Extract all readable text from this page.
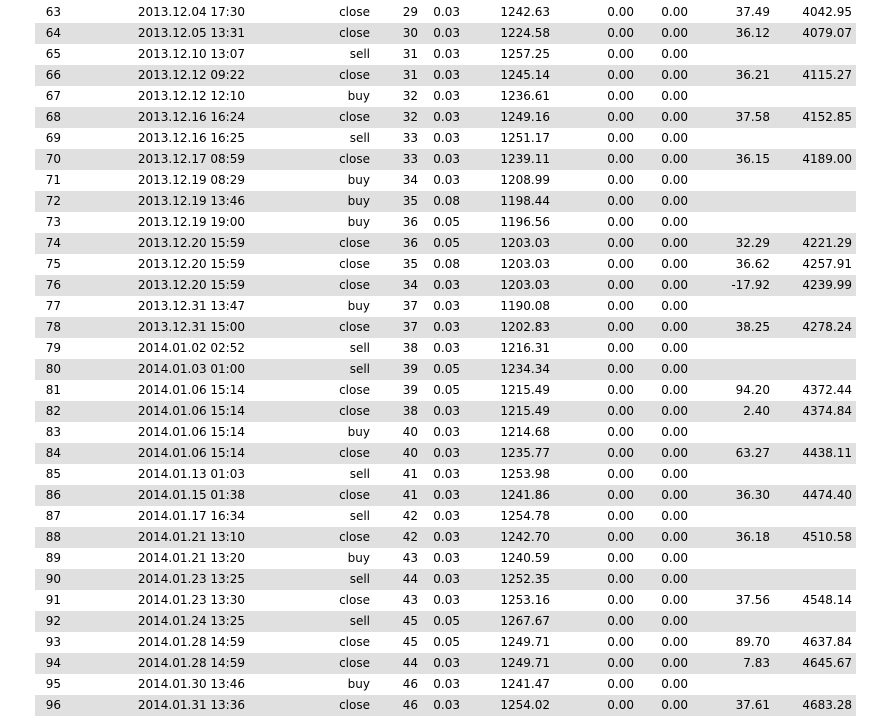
	63	2013.12.04 17:30	close	29	0.03	1242.63	0.00	0.00	37.49	4042.95
	64	2013.12.05 13:31	close	30	0.03	1224.58	0.00	0.00	36.12	4079.07
	65	2013.12.10 13:07	sell	31	0.03	1257.25	0.00	0.00		
	66	2013.12.12 09:22	close	31	0.03	1245.14	0.00	0.00	36.21	4115.27
	67	2013.12.12 12:10	buy	32	0.03	1236.61	0.00	0.00		
	68	2013.12.16 16:24	close	32	0.03	1249.16	0.00	0.00	37.58	4152.85
	69	2013.12.16 16:25	sell	33	0.03	1251.17	0.00	0.00		
	70	2013.12.17 08:59	close	33	0.03	1239.11	0.00	0.00	36.15	4189.00
	71	2013.12.19 08:29	buy	34	0.03	1208.99	0.00	0.00		
	72	2013.12.19 13:46	buy	35	0.08	1198.44	0.00	0.00		
	73	2013.12.19 19:00	buy	36	0.05	1196.56	0.00	0.00		
	74	2013.12.20 15:59	close	36	0.05	1203.03	0.00	0.00	32.29	4221.29
	75	2013.12.20 15:59	close	35	0.08	1203.03	0.00	0.00	36.62	4257.91
	76	2013.12.20 15:59	close	34	0.03	1203.03	0.00	0.00	-17.92	4239.99
	77	2013.12.31 13:47	buy	37	0.03	1190.08	0.00	0.00		
	78	2013.12.31 15:00	close	37	0.03	1202.83	0.00	0.00	38.25	4278.24
	79	2014.01.02 02:52	sell	38	0.03	1216.31	0.00	0.00		
	80	2014.01.03 01:00	sell	39	0.05	1234.34	0.00	0.00		
	81	2014.01.06 15:14	close	39	0.05	1215.49	0.00	0.00	94.20	4372.44
	82	2014.01.06 15:14	close	38	0.03	1215.49	0.00	0.00	2.40	4374.84
	83	2014.01.06 15:14	buy	40	0.03	1214.68	0.00	0.00		
	84	2014.01.06 15:14	close	40	0.03	1235.77	0.00	0.00	63.27	4438.11
	85	2014.01.13 01:03	sell	41	0.03	1253.98	0.00	0.00		
	86	2014.01.15 01:38	close	41	0.03	1241.86	0.00	0.00	36.30	4474.40
	87	2014.01.17 16:34	sell	42	0.03	1254.78	0.00	0.00		
	88	2014.01.21 13:10	close	42	0.03	1242.70	0.00	0.00	36.18	4510.58
	89	2014.01.21 13:20	buy	43	0.03	1240.59	0.00	0.00		
	90	2014.01.23 13:25	sell	44	0.03	1252.35	0.00	0.00		
	91	2014.01.23 13:30	close	43	0.03	1253.16	0.00	0.00	37.56	4548.14
	92	2014.01.24 13:25	sell	45	0.05	1267.67	0.00	0.00		
	93	2014.01.28 14:59	close	45	0.05	1249.71	0.00	0.00	89.70	4637.84
	94	2014.01.28 14:59	close	44	0.03	1249.71	0.00	0.00	7.83	4645.67
	95	2014.01.30 13:46	buy	46	0.03	1241.47	0.00	0.00		
	96	2014.01.31 13:36	close	46	0.03	1254.02	0.00	0.00	37.61	4683.28
